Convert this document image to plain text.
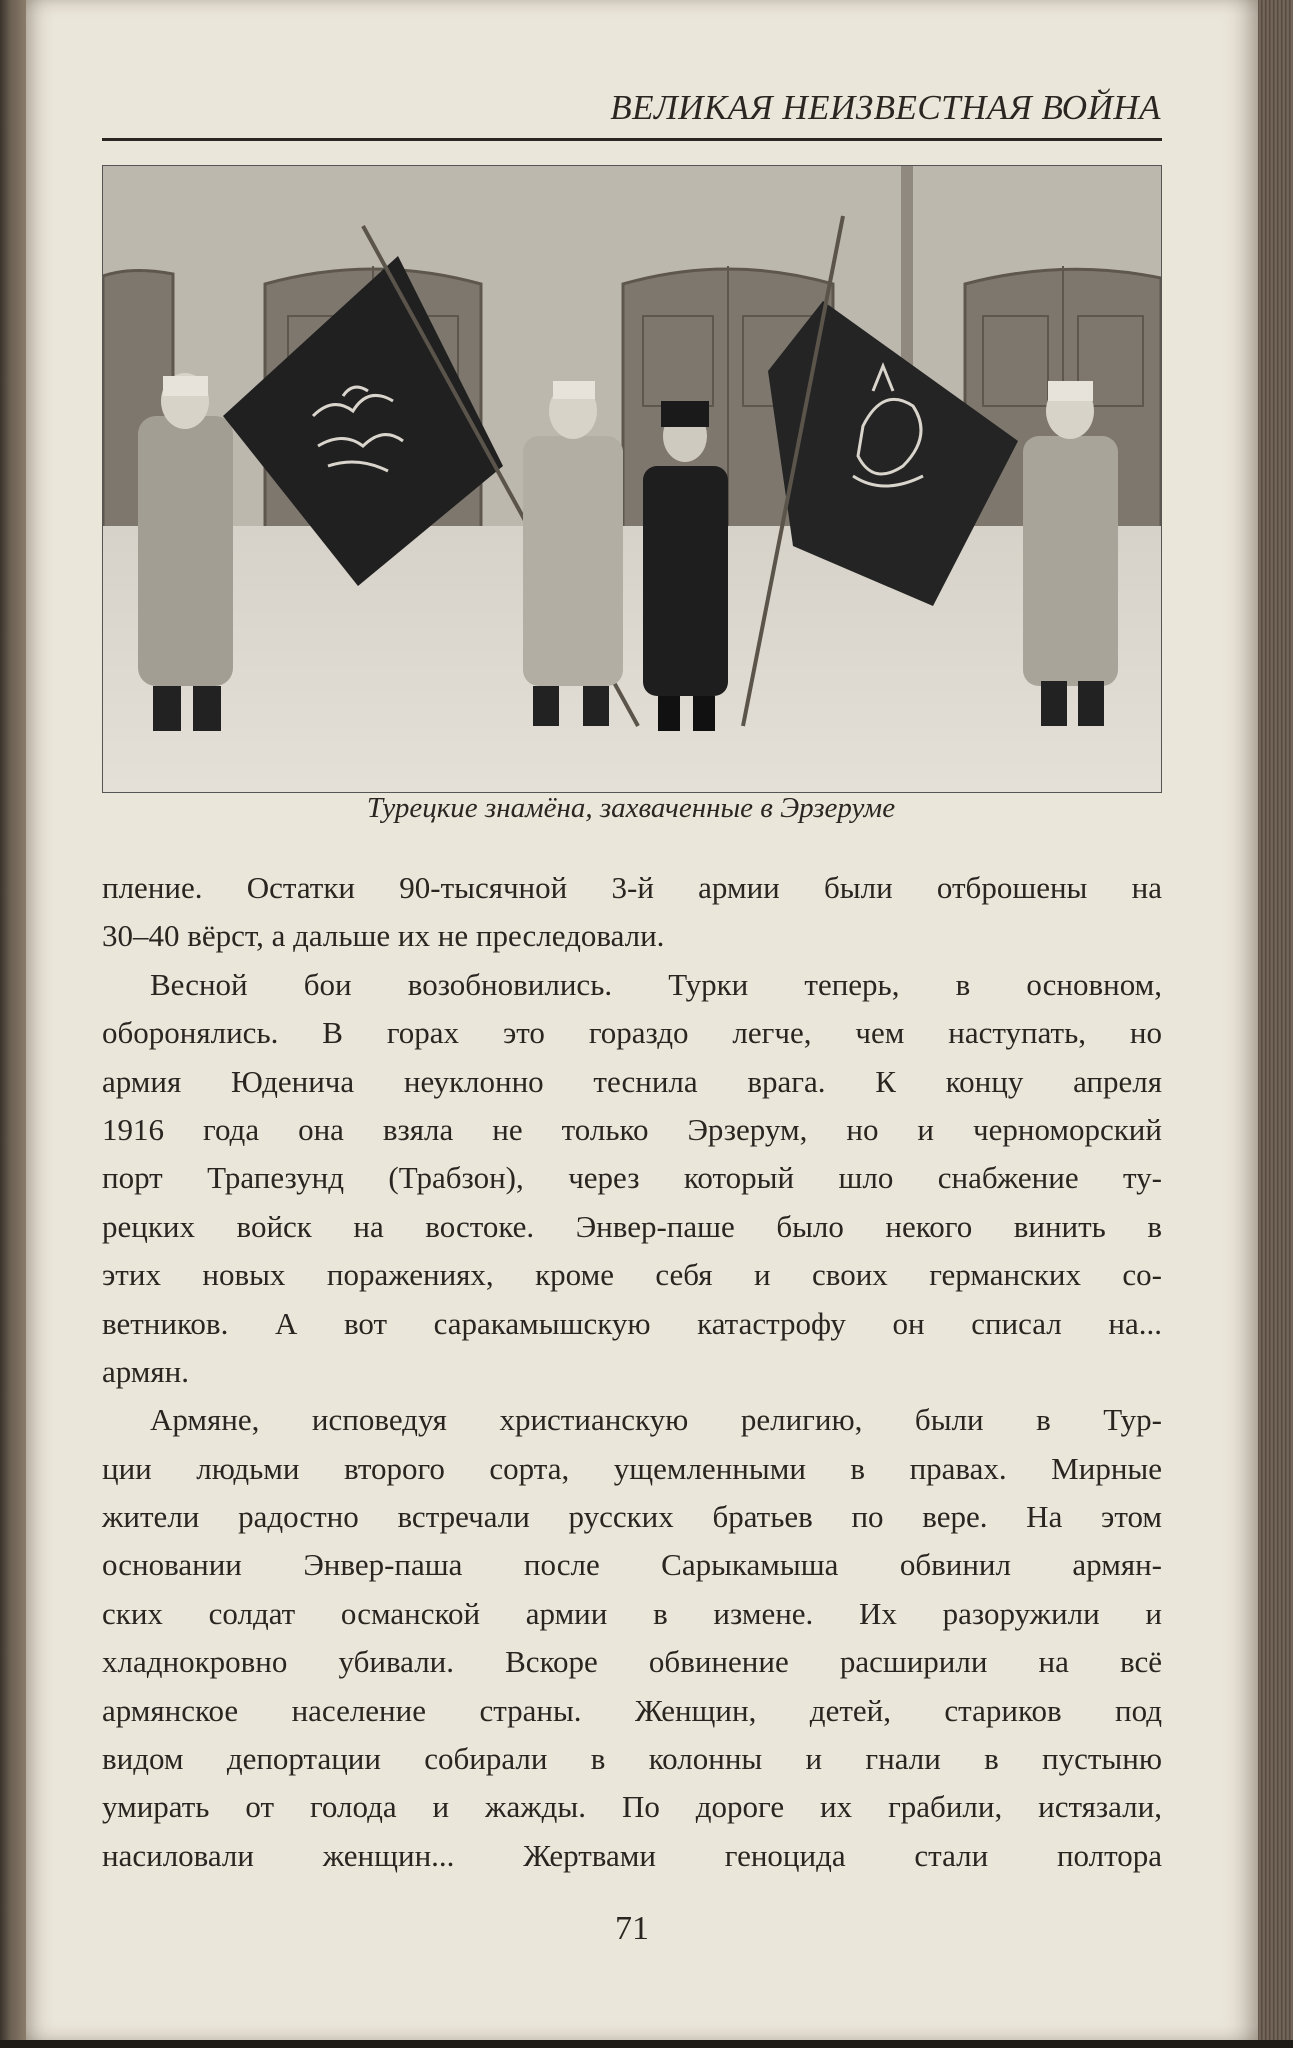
ВЕЛИКАЯ НЕИЗВЕСТНАЯ ВОЙНА
Турецкие знамёна, захваченные в Эрзеруме
пление. Остатки 90-тысячной 3-й армии были отброшены на
30–40 вёрст, а дальше их не преследовали.
Весной бои возобновились. Турки теперь, в основном,
оборонялись. В горах это гораздо легче, чем наступать, но
армия Юденича неуклонно теснила врага. К концу апреля
1916 года она взяла не только Эрзерум, но и черноморский
порт Трапезунд (Трабзон), через который шло снабжение ту-
рецких войск на востоке. Энвер-паше было некого винить в
этих новых поражениях, кроме себя и своих германских со-
ветников. А вот саракамышскую катастрофу он списал на...
армян.
Армяне, исповедуя христианскую религию, были в Тур-
ции людьми второго сорта, ущемленными в правах. Мирные
жители радостно встречали русских братьев по вере. На этом
основании Энвер-паша после Сарыкамыша обвинил армян-
ских солдат османской армии в измене. Их разоружили и
хладнокровно убивали. Вскоре обвинение расширили на всё
армянское население страны. Женщин, детей, стариков под
видом депортации собирали в колонны и гнали в пустыню
умирать от голода и жажды. По дороге их грабили, истязали,
насиловали женщин... Жертвами геноцида стали полтора
71
